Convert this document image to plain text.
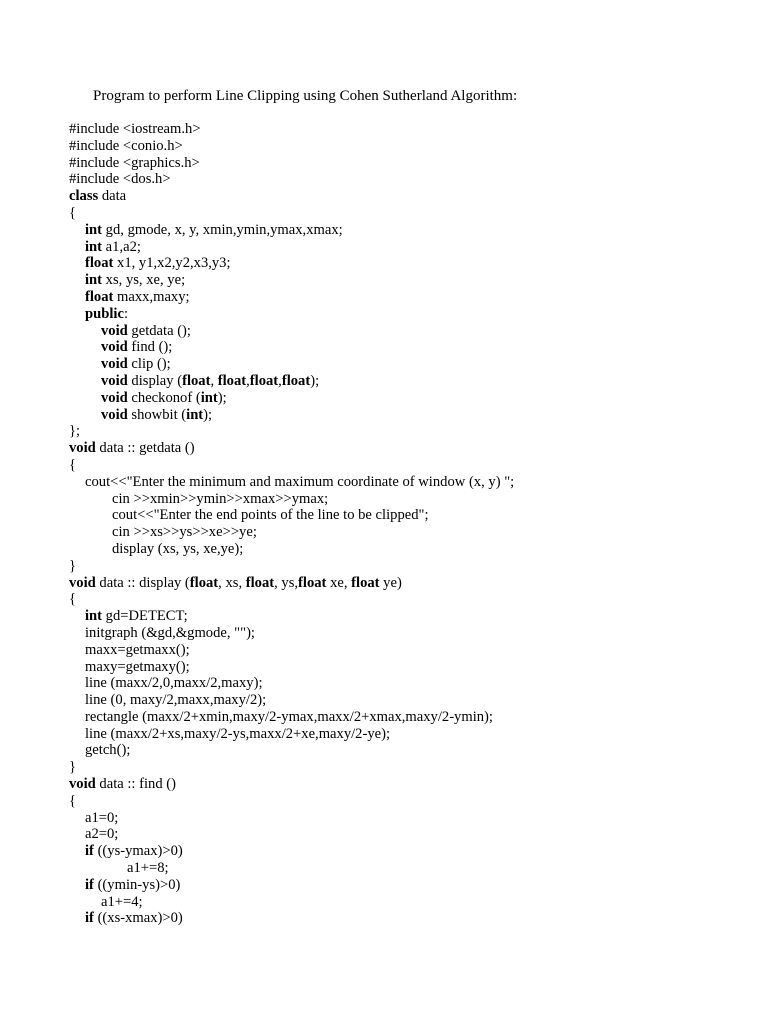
Program to perform Line Clipping using Cohen Sutherland Algorithm:
#include <iostream.h>
#include <conio.h>
#include <graphics.h>
#include <dos.h>
class data
{
int gd, gmode, x, y, xmin,ymin,ymax,xmax;
int a1,a2;
float x1, y1,x2,y2,x3,y3;
int xs, ys, xe, ye;
float maxx,maxy;
public:
void getdata ();
void find ();
void clip ();
void display (float, float,float,float);
void checkonof (int);
void showbit (int);
};
void data :: getdata ()
{
cout<<"Enter the minimum and maximum coordinate of window (x, y) ";
cin >>xmin>>ymin>>xmax>>ymax;
cout<<"Enter the end points of the line to be clipped";
cin >>xs>>ys>>xe>>ye;
display (xs, ys, xe,ye);
}
void data :: display (float, xs, float, ys,float xe, float ye)
{
int gd=DETECT;
initgraph (&gd,&gmode, "");
maxx=getmaxx();
maxy=getmaxy();
line (maxx/2,0,maxx/2,maxy);
line (0, maxy/2,maxx,maxy/2);
rectangle (maxx/2+xmin,maxy/2-ymax,maxx/2+xmax,maxy/2-ymin);
line (maxx/2+xs,maxy/2-ys,maxx/2+xe,maxy/2-ye);
getch();
}
void data :: find ()
{
a1=0;
a2=0;
if ((ys-ymax)>0)
a1+=8;
if ((ymin-ys)>0)
a1+=4;
if ((xs-xmax)>0)
